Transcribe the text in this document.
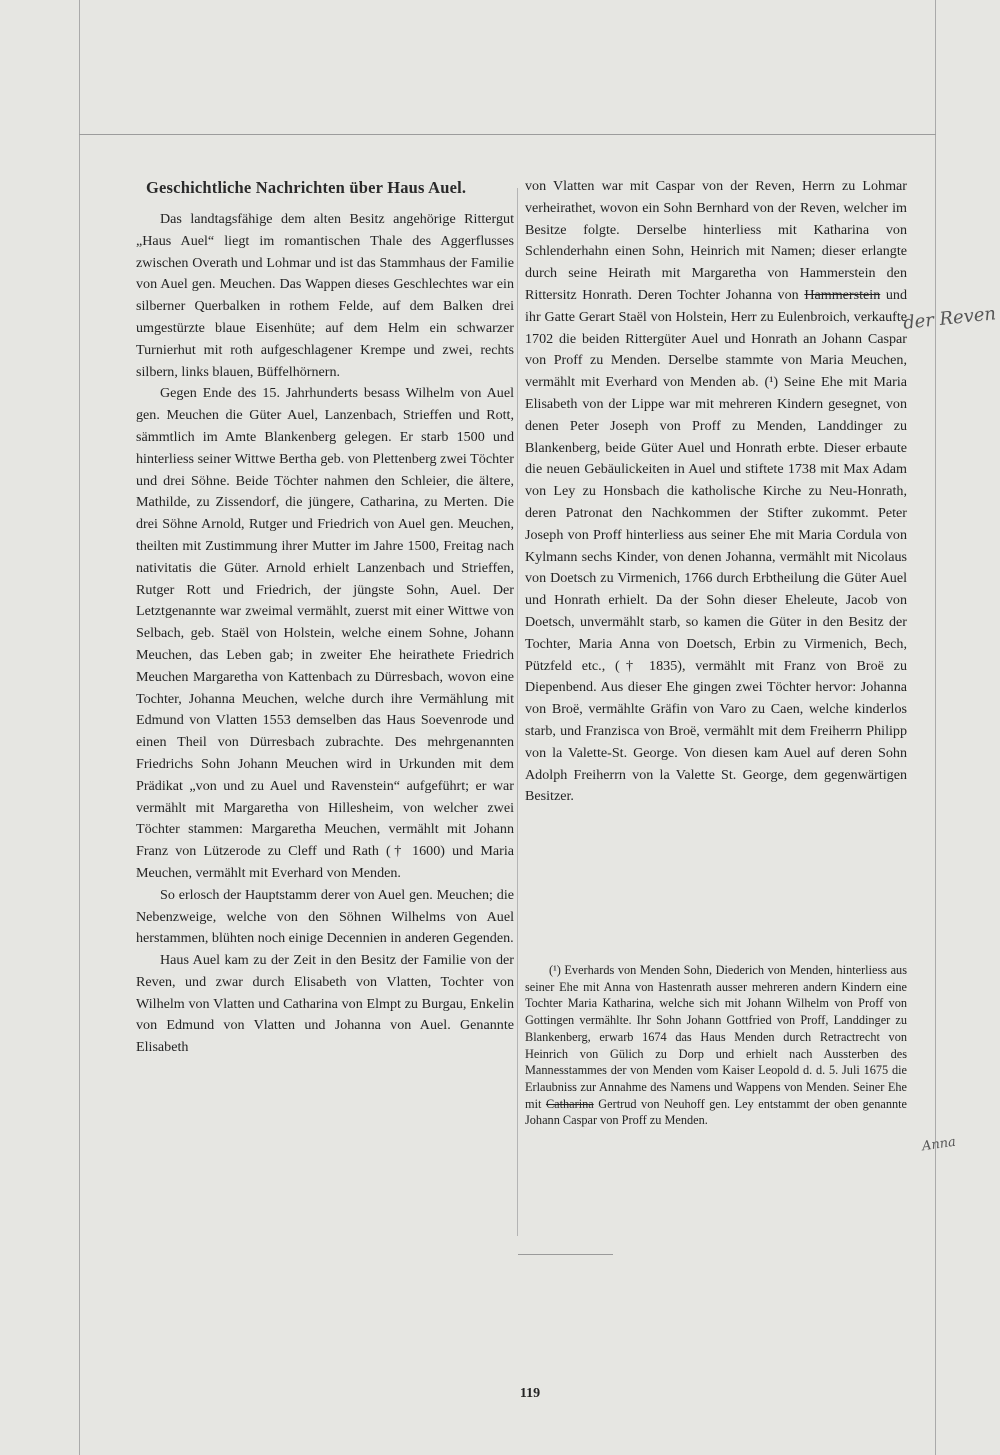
Geschichtliche Nachrichten über Haus Auel.

Das landtagsfähige dem alten Besitz angehörige Rittergut „Haus Auel“ liegt im romantischen Thale des Aggerflusses zwischen Overath und Lohmar und ist das Stammhaus der Familie von Auel gen. Meuchen. Das Wappen dieses Geschlechtes war ein silberner Querbalken in rothem Felde, auf dem Balken drei umgestürzte blaue Eisenhüte; auf dem Helm ein schwarzer Turnierhut mit roth aufgeschlagener Krempe und zwei, rechts silbern, links blauen, Büffelhörnern.

Gegen Ende des 15. Jahrhunderts besass Wilhelm von Auel gen. Meuchen die Güter Auel, Lanzenbach, Strieffen und Rott, sämmtlich im Amte Blankenberg gelegen. Er starb 1500 und hinterliess seiner Wittwe Bertha geb. von Plettenberg zwei Töchter und drei Söhne. Beide Töchter nahmen den Schleier, die ältere, Mathilde, zu Zissendorf, die jüngere, Catharina, zu Merten. Die drei Söhne Arnold, Rutger und Friedrich von Auel gen. Meuchen, theilten mit Zustimmung ihrer Mutter im Jahre 1500, Freitag nach nativitatis die Güter. Arnold erhielt Lanzenbach und Strieffen, Rutger Rott und Friedrich, der jüngste Sohn, Auel. Der Letztgenannte war zweimal vermählt, zuerst mit einer Wittwe von Selbach, geb. Staël von Holstein, welche einem Sohne, Johann Meuchen, das Leben gab; in zweiter Ehe heirathete Friedrich Meuchen Margaretha von Kattenbach zu Dürresbach, wovon eine Tochter, Johanna Meuchen, welche durch ihre Vermählung mit Edmund von Vlatten 1553 demselben das Haus Soevenrode und einen Theil von Dürresbach zubrachte. Des mehrgenannten Friedrichs Sohn Johann Meuchen wird in Urkunden mit dem Prädikat „von und zu Auel und Ravenstein“ aufgeführt; er war vermählt mit Margaretha von Hillesheim, von welcher zwei Töchter stammen: Margaretha Meuchen, vermählt mit Johann Franz von Lützerode zu Cleff und Rath († 1600) und Maria Meuchen, vermählt mit Everhard von Menden.

So erlosch der Hauptstamm derer von Auel gen. Meuchen; die Nebenzweige, welche von den Söhnen Wilhelms von Auel herstammen, blühten noch einige Decennien in anderen Gegenden.

Haus Auel kam zu der Zeit in den Besitz der Familie von der Reven, und zwar durch Elisabeth von Vlatten, Tochter von Wilhelm von Vlatten und Catharina von Elmpt zu Burgau, Enkelin von Edmund von Vlatten und Johanna von Auel. Genannte Elisabeth

von Vlatten war mit Caspar von der Reven, Herrn zu Lohmar verheirathet, wovon ein Sohn Bernhard von der Reven, welcher im Besitze folgte. Derselbe hinterliess mit Katharina von Schlenderhahn einen Sohn, Heinrich mit Namen; dieser erlangte durch seine Heirath mit Margaretha von Hammerstein den Rittersitz Honrath. Deren Tochter Johanna von Hammerstein und ihr Gatte Gerart Staël von Holstein, Herr zu Eulenbroich, verkaufte 1702 die beiden Rittergüter Auel und Honrath an Johann Caspar von Proff zu Menden. Derselbe stammte von Maria Meuchen, vermählt mit Everhard von Menden ab. (¹) Seine Ehe mit Maria Elisabeth von der Lippe war mit mehreren Kindern gesegnet, von denen Peter Joseph von Proff zu Menden, Landdinger zu Blankenberg, beide Güter Auel und Honrath erbte. Dieser erbaute die neuen Gebäulickeiten in Auel und stiftete 1738 mit Max Adam von Ley zu Honsbach die katholische Kirche zu Neu-Honrath, deren Patronat den Nachkommen der Stifter zukommt. Peter Joseph von Proff hinterliess aus seiner Ehe mit Maria Cordula von Kylmann sechs Kinder, von denen Johanna, vermählt mit Nicolaus von Doetsch zu Virmenich, 1766 durch Erbtheilung die Güter Auel und Honrath erhielt. Da der Sohn dieser Eheleute, Jacob von Doetsch, unvermählt starb, so kamen die Güter in den Besitz der Tochter, Maria Anna von Doetsch, Erbin zu Virmenich, Bech, Pützfeld etc., († 1835), vermählt mit Franz von Broë zu Diepenbend. Aus dieser Ehe gingen zwei Töchter hervor: Johanna von Broë, vermählte Gräfin von Varo zu Caen, welche kinderlos starb, und Franzisca von Broë, vermählt mit dem Freiherrn Philipp von la Valette-St. George. Von diesen kam Auel auf deren Sohn Adolph Freiherrn von la Valette St. George, dem gegenwärtigen Besitzer.

(¹) Everhards von Menden Sohn, Diederich von Menden, hinterliess aus seiner Ehe mit Anna von Hastenrath ausser mehreren andern Kindern eine Tochter Maria Katharina, welche sich mit Johann Wilhelm von Proff von Gottingen vermählte. Ihr Sohn Johann Gottfried von Proff, Landdinger zu Blankenberg, erwarb 1674 das Haus Menden durch Retractrecht von Heinrich von Gülich zu Dorp und erhielt nach Aussterben des Mannesstammes der von Menden vom Kaiser Leopold d. d. 5. Juli 1675 die Erlaubniss zur Annahme des Namens und Wappens von Menden. Seiner Ehe mit Catharina Gertrud von Neuhoff gen. Ley entstammt der oben genannte Johann Caspar von Proff zu Menden.

der Reven
Anna
119
